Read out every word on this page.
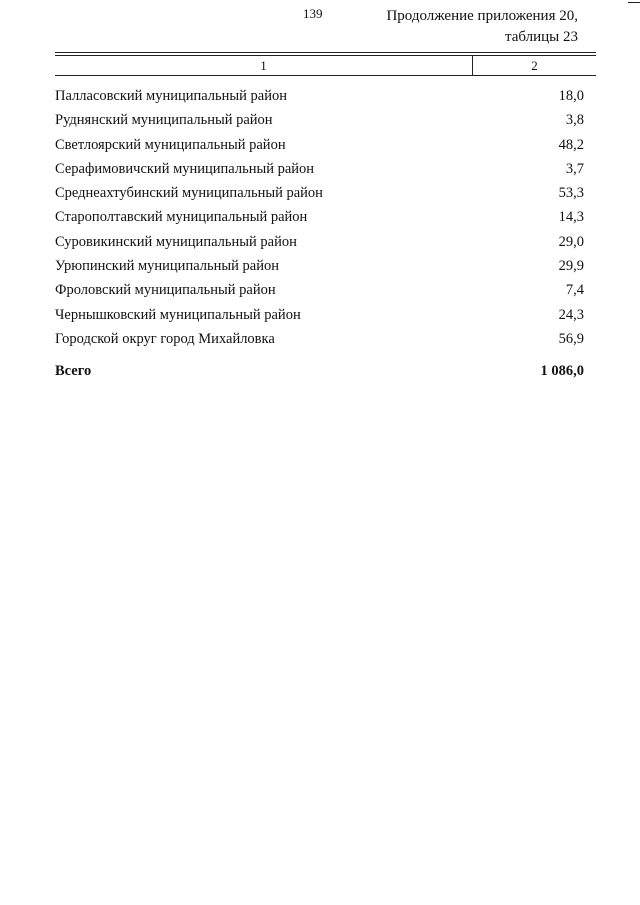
139	Продолжение приложения 20,
таблицы 23
1	2
Палласовский муниципальный район	18,0
Руднянский муниципальный район	3,8
Светлоярский муниципальный район	48,2
Серафимовичский муниципальный район	3,7
Среднеахтубинский муниципальный район	53,3
Старополтавский муниципальный район	14,3
Суровикинский муниципальный район	29,0
Урюпинский муниципальный район	29,9
Фроловский муниципальный район	7,4
Чернышковский муниципальный район	24,3
Городской округ город Михайловка	56,9
Всего	1 086,0
